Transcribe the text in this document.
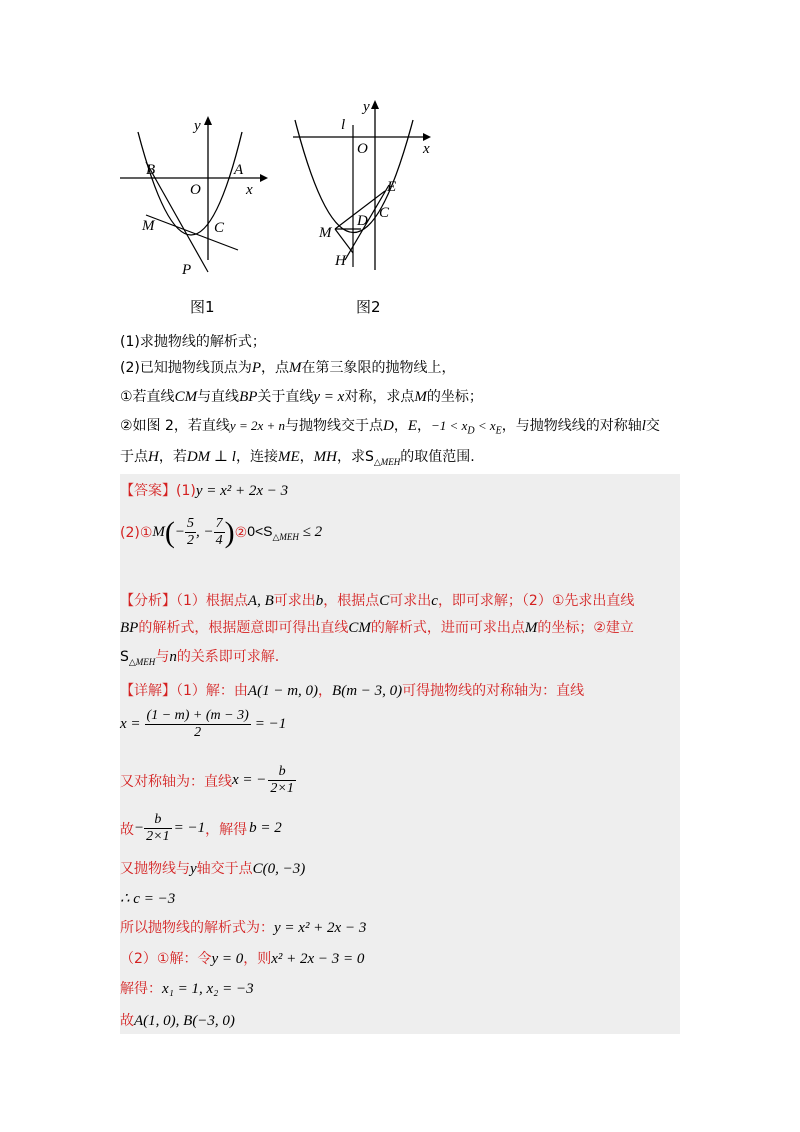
y
x
O
A
B
M	C
P
图1
y
x
O
l
E
D C
M
H
图2
(1)求抛物线的解析式；
(2)已知抛物线顶点为P，点M在第三象限的抛物线上，
①若直线CM与直线BP关于直线y = x对称，求点M的坐标；
②如图 2，若直线y = 2x + n与抛物线交于点D，E，$-1 < x_D < x_E$，与抛物线线的对称轴l交
于点H，若DM ⊥ l，连接ME，MH，求$S_{\triangle MEH}$的取值范围.
【答案】(1)y = x² + 2x − 3
(2)① M ( − $\frac{5}{2}$ , − $\frac{7}{4}$ ) ② $0<S_{\triangle MEH} \le 2$
【分析】（1）根据点A, B可求出b，根据点C可求出c，即可求解；（2）①先求出直线
BP的解析式，根据题意即可得出直线CM的解析式，进而可求出点M的坐标；②建立
$S_{\triangle MEH}$与n的关系即可求解.
【详解】（1）解：由A(1 − m, 0)，B(m − 3, 0)可得抛物线的对称轴为：直线
$x = \frac{(1 - m) + (m - 3)}{2} = -1$
又对称轴为：直线 x = − $\frac{b}{2\times 1}$
故 − $\frac{b}{2\times 1} = -1$ ，解得 b = 2
又抛物线与y轴交于点C(0, −3)
∴ c = −3
所以抛物线的解析式为：y = x² + 2x − 3
（2）①解：令y = 0，则x² + 2x − 3 = 0
解得：x₁ = 1, x₂ = −3
故A(1, 0), B(−3, 0)
